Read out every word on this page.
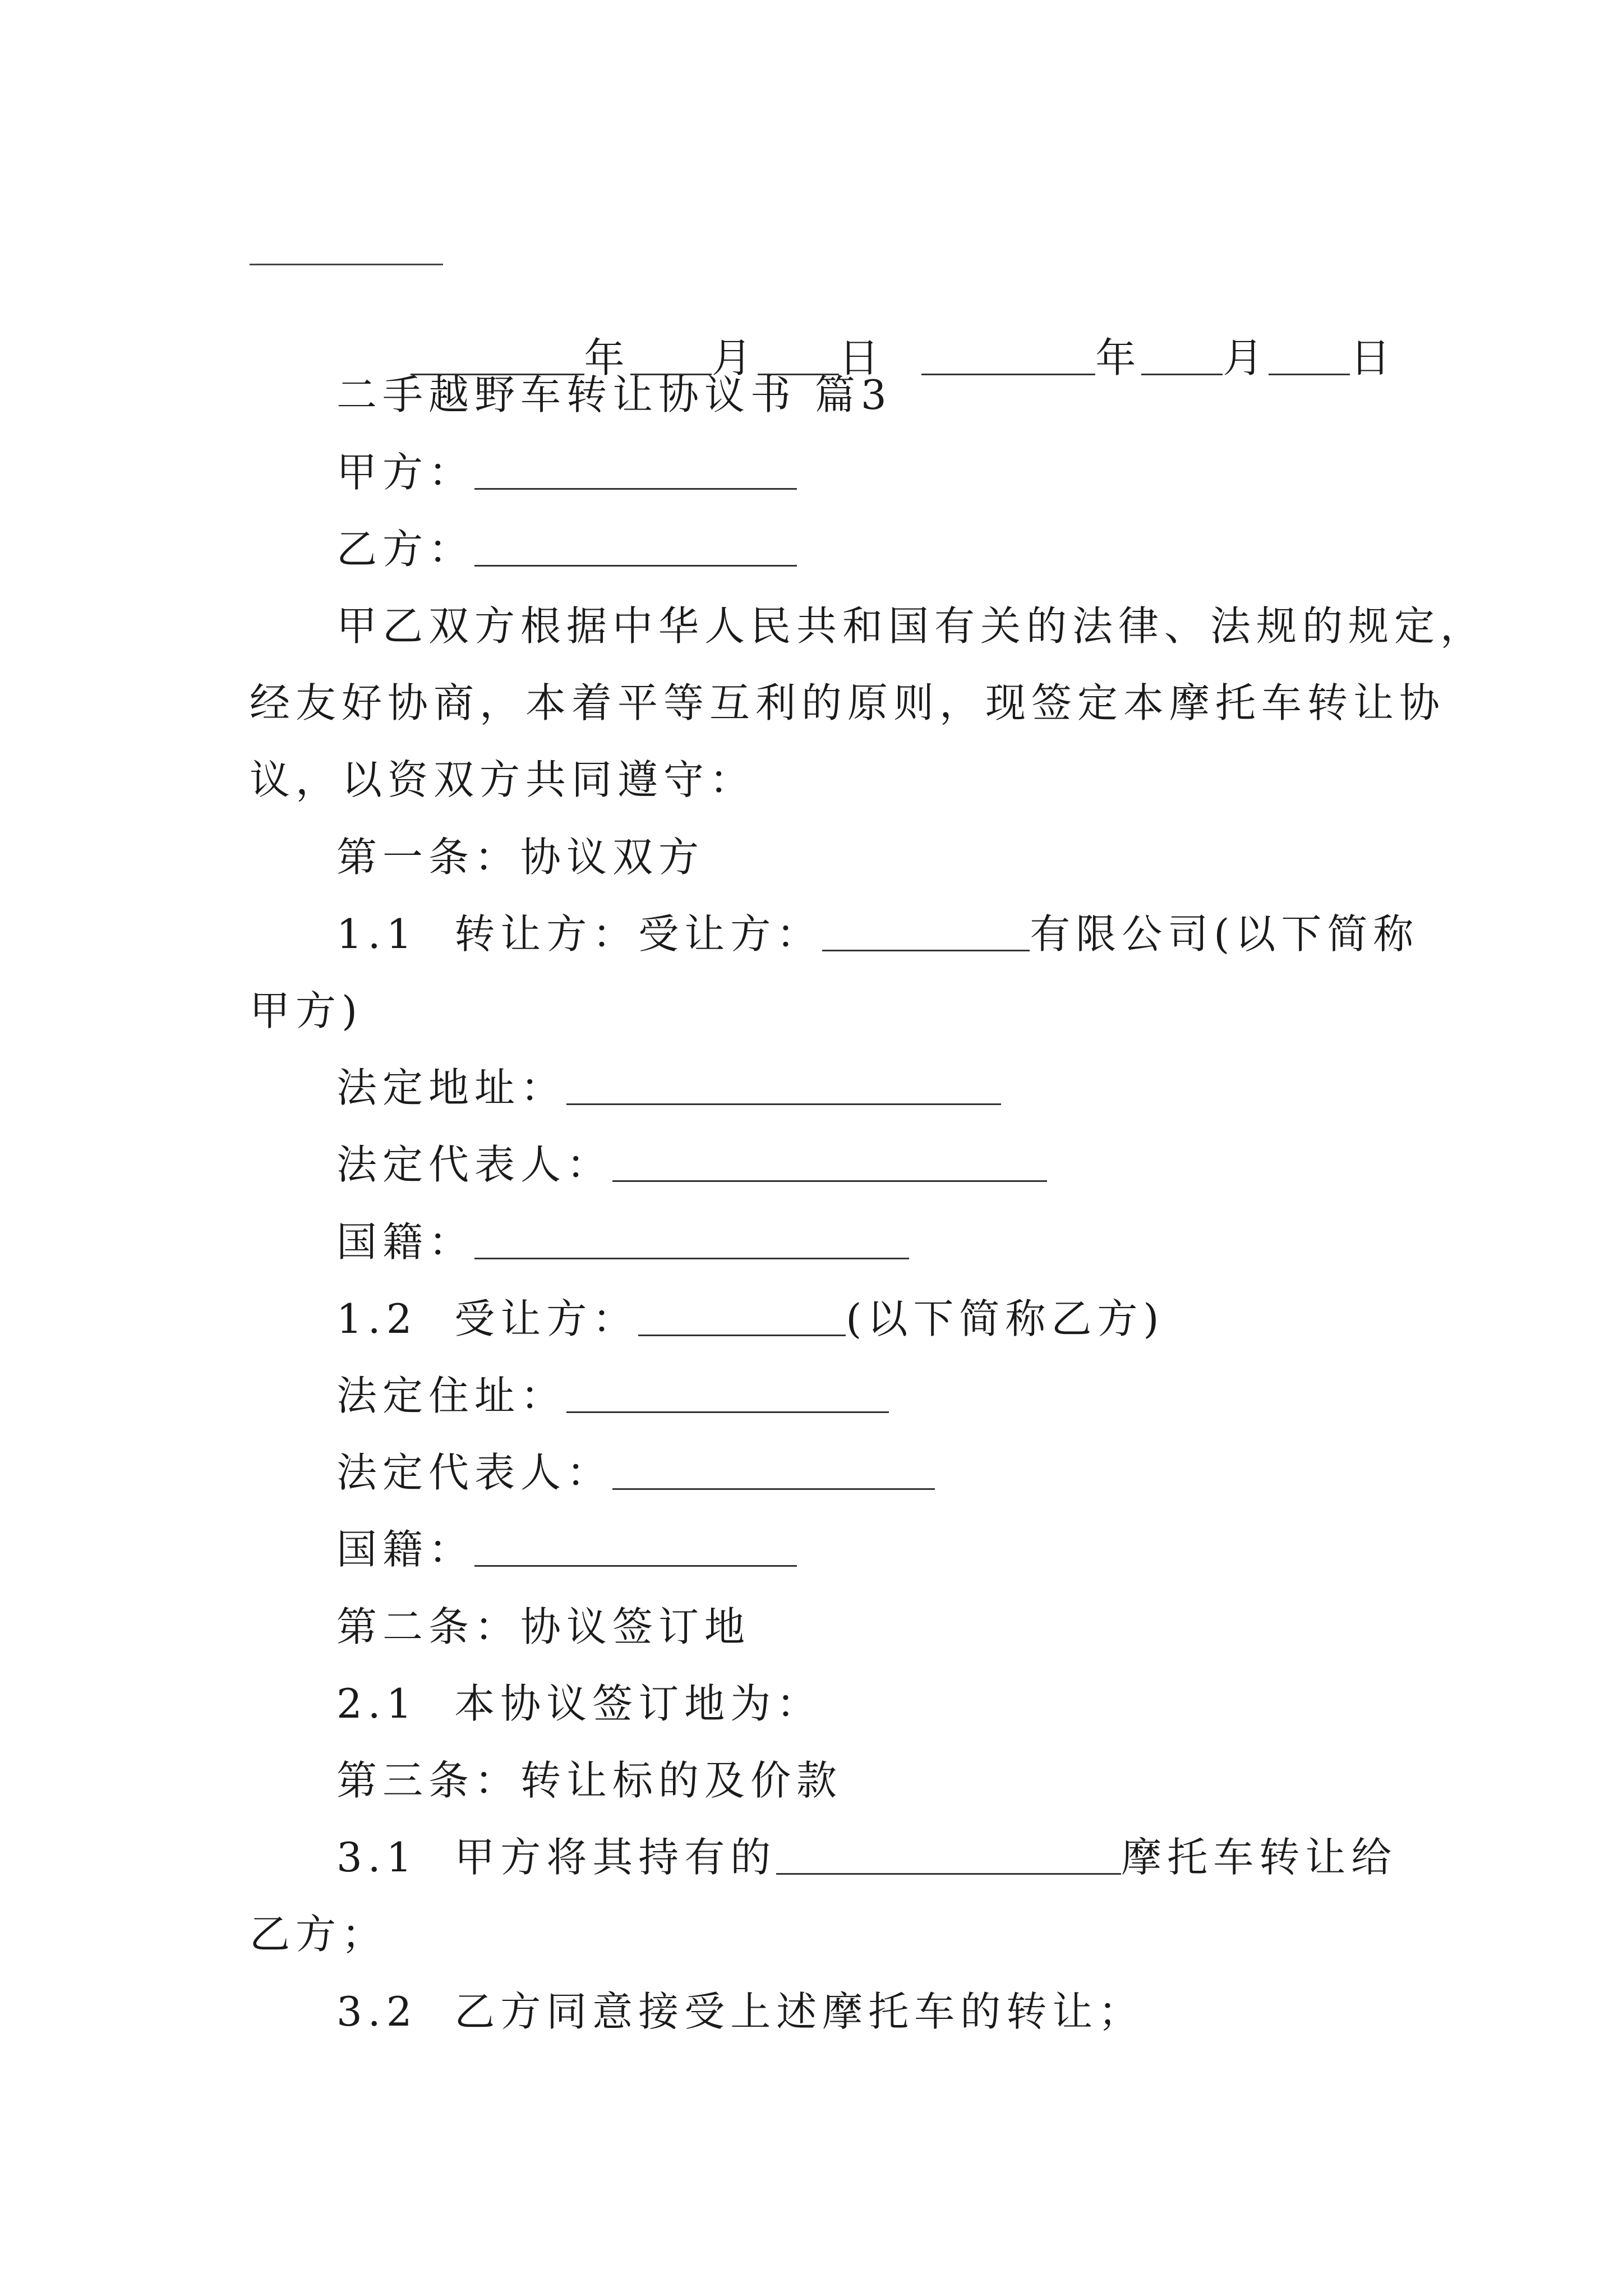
年 月 日	年 月 日

二手越野车转让协议书 篇3
甲方：
乙方：
甲乙双方根据中华人民共和国有关的法律、法规的规定，
经友好协商，本着平等互利的原则，现签定本摩托车转让协
议，以资双方共同遵守：
第一条：协议双方
1.1  转让方：受让方：	有限公司(以下简称
甲方)
法定地址：
法定代表人：
国籍：
1.2  受让方：	(以下简称乙方)
法定住址：
法定代表人：
国籍：
第二条：协议签订地
2.1  本协议签订地为：
第三条：转让标的及价款
3.1  甲方将其持有的	摩托车转让给
乙方；
3.2  乙方同意接受上述摩托车的转让；
